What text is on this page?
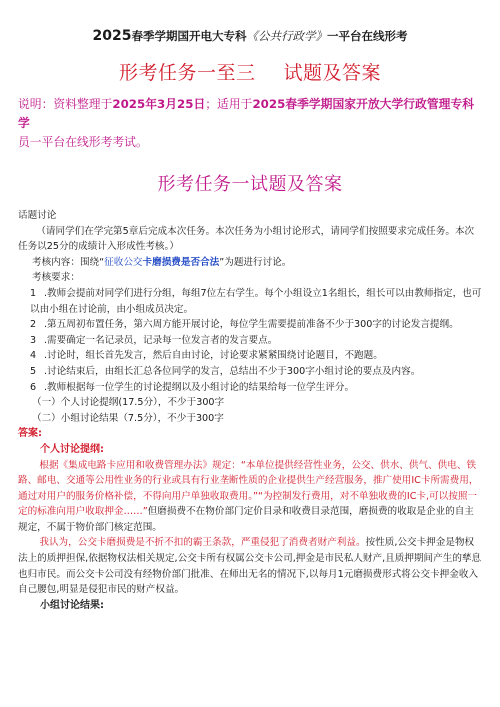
2025春季学期国开电大专科《公共行政学》一平台在线形考
形考任务一至三 试题及答案
说明：资料整理于2025年3月25日；适用于2025春季学期国家开放大学行政管理专科学
员一平台在线形考考试。
形考任务一试题及答案

话题讨论

（请同学们在学完第5章后完成本次任务。本次任务为小组讨论形式，请同学们按照要求完成任务。本次任务以25分的成绩计入形成性考核。）

考核内容：围绕“征收公交卡磨损费是否合法”为题进行讨论。

考核要求：

1 .教师会提前对同学们进行分组，每组7位左右学生。每个小组设立1名组长，组长可以由教师指定，也可以由小组在讨论前，由小组成员决定。

2 .第五周初布置任务，第六周方能开展讨论，每位学生需要提前准备不少于300字的讨论发言提纲。

3 .需要确定一名记录员，记录每一位发言者的发言要点。

4 .讨论时，组长首先发言，然后自由讨论，讨论要求紧紧围绕讨论题目，不跑题。

5 .讨论结束后，由组长汇总各位同学的发言，总结出不少于300字小组讨论的要点及内容。

6 .教师根据每一位学生的讨论提纲以及小组讨论的结果给每一位学生评分。

（一）个人讨论提纲(17.5分），不少于300字

（二）小组讨论结果（7.5分），不少于300字

答案:

个人讨论提纲:

根据《集成电路卡应用和收费管理办法》规定：“本单位提供经营性业务，公交、供水、供气、供电、铁路、邮电、交通等公用性业务的行业或具有行业垄断性质的企业提供生产经营服务，推广使用IC卡所需费用，通过对用户的服务价格补偿，不得向用户单独收取费用。”“为控制发行费用，对不单独收费的IC卡,可以按照一定的标准向用户收取押金……”但磨损费不在物价部门定价目录和收费目录范围，磨损费的收取是企业的自主规定，不属于物价部门核定范围。

我认为，公交卡磨损费是不折不扣的霸王条款，严重侵犯了消费者财产利益。按性质,公交卡押金是物权法上的质押担保,依据物权法相关规定,公交卡所有权属公交卡公司,押金是市民私人财产,且质押期间产生的孳息也归市民。而公交卡公司没有经物价部门批准、在师出无名的情况下,以每月1元磨损费形式将公交卡押金收入自己腰包,明显是侵犯市民的财产权益。

小组讨论结果:
